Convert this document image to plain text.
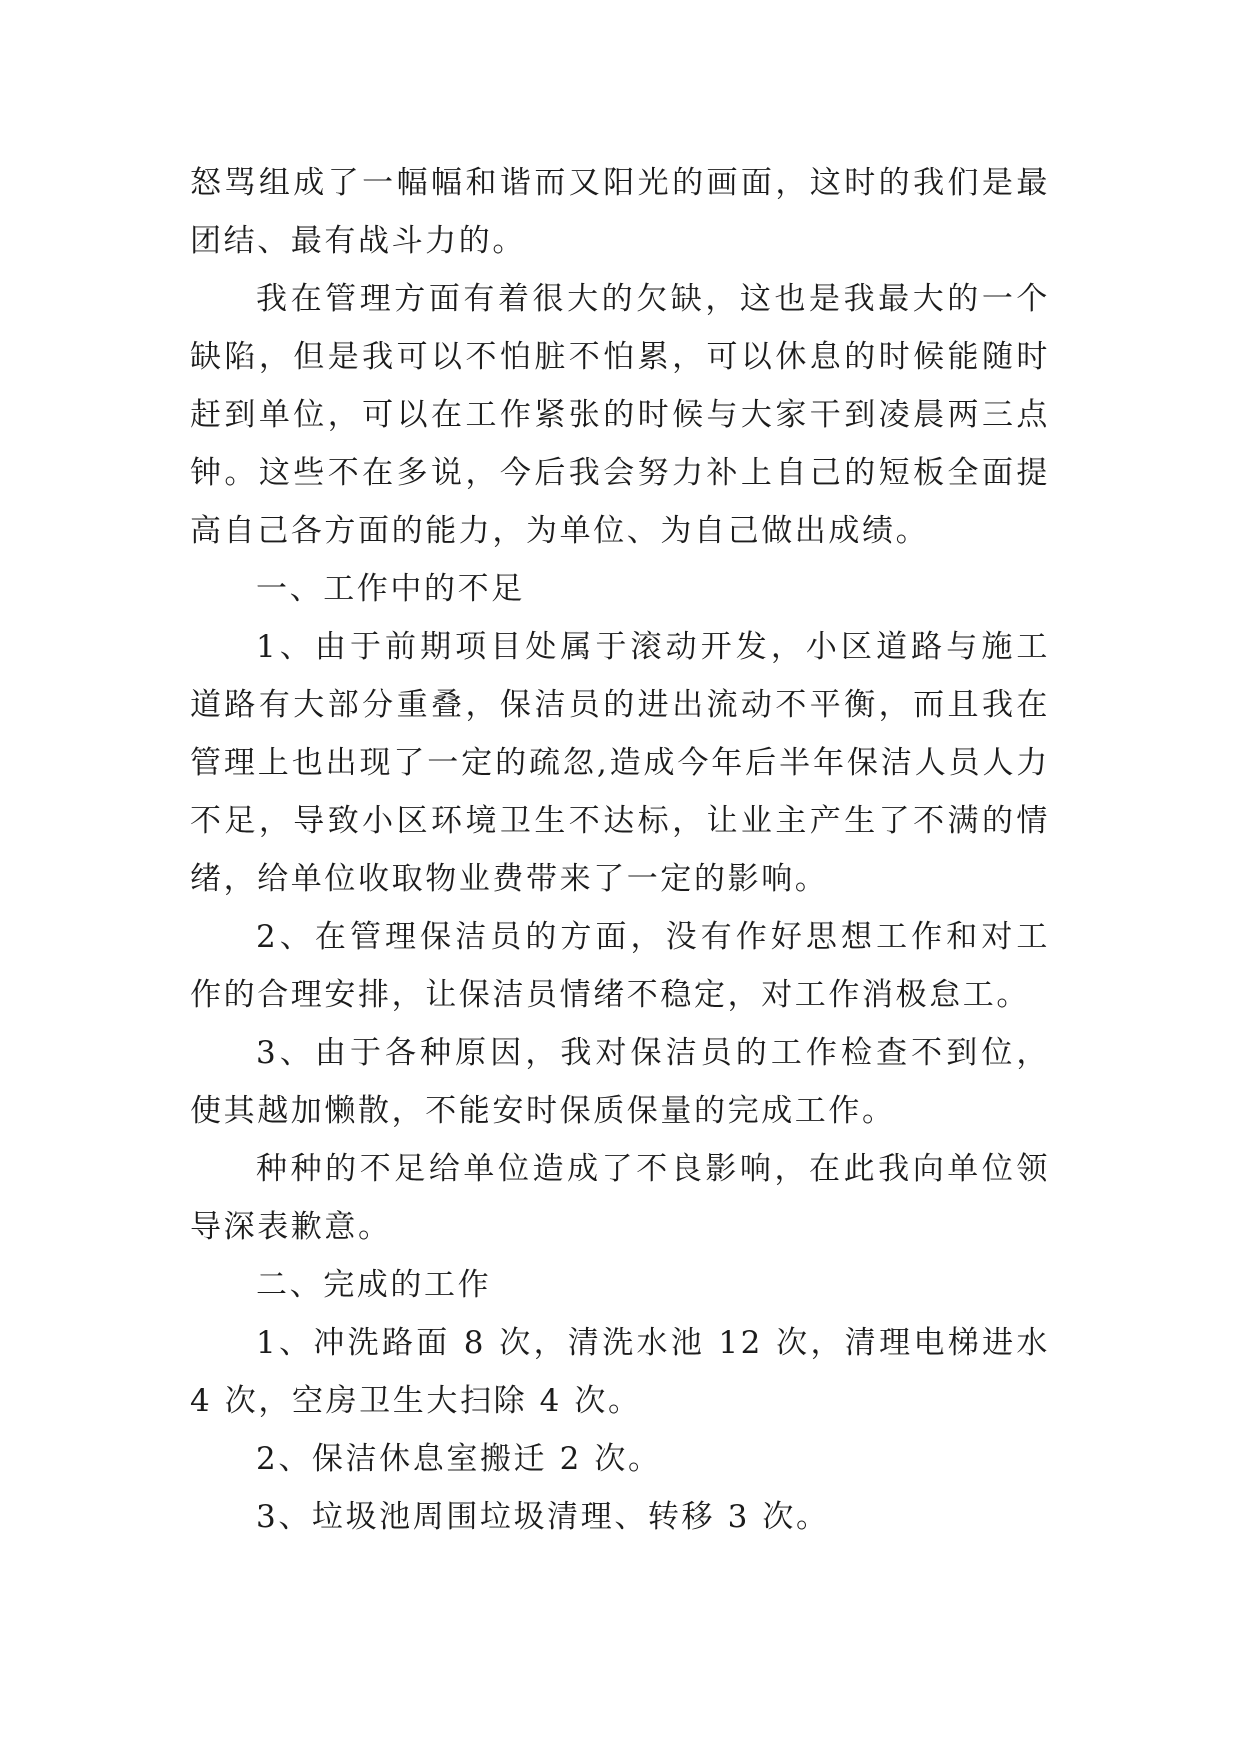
怒骂组成了一幅幅和谐而又阳光的画面，这时的我们是最团结、最有战斗力的。

我在管理方面有着很大的欠缺，这也是我最大的一个缺陷，但是我可以不怕脏不怕累，可以休息的时候能随时赶到单位，可以在工作紧张的时候与大家干到凌晨两三点钟。这些不在多说，今后我会努力补上自己的短板全面提高自己各方面的能力，为单位、为自己做出成绩。

一、工作中的不足

1、由于前期项目处属于滚动开发，小区道路与施工道路有大部分重叠，保洁员的进出流动不平衡，而且我在管理上也出现了一定的疏忽,造成今年后半年保洁人员人力不足，导致小区环境卫生不达标，让业主产生了不满的情绪，给单位收取物业费带来了一定的影响。

2、在管理保洁员的方面，没有作好思想工作和对工作的合理安排，让保洁员情绪不稳定，对工作消极怠工。

3、由于各种原因，我对保洁员的工作检查不到位，使其越加懒散，不能安时保质保量的完成工作。

种种的不足给单位造成了不良影响，在此我向单位领导深表歉意。

二、完成的工作

1、冲洗路面 8 次，清洗水池 12 次，清理电梯进水 4 次，空房卫生大扫除 4 次。

2、保洁休息室搬迁 2 次。

3、垃圾池周围垃圾清理、转移 3 次。
